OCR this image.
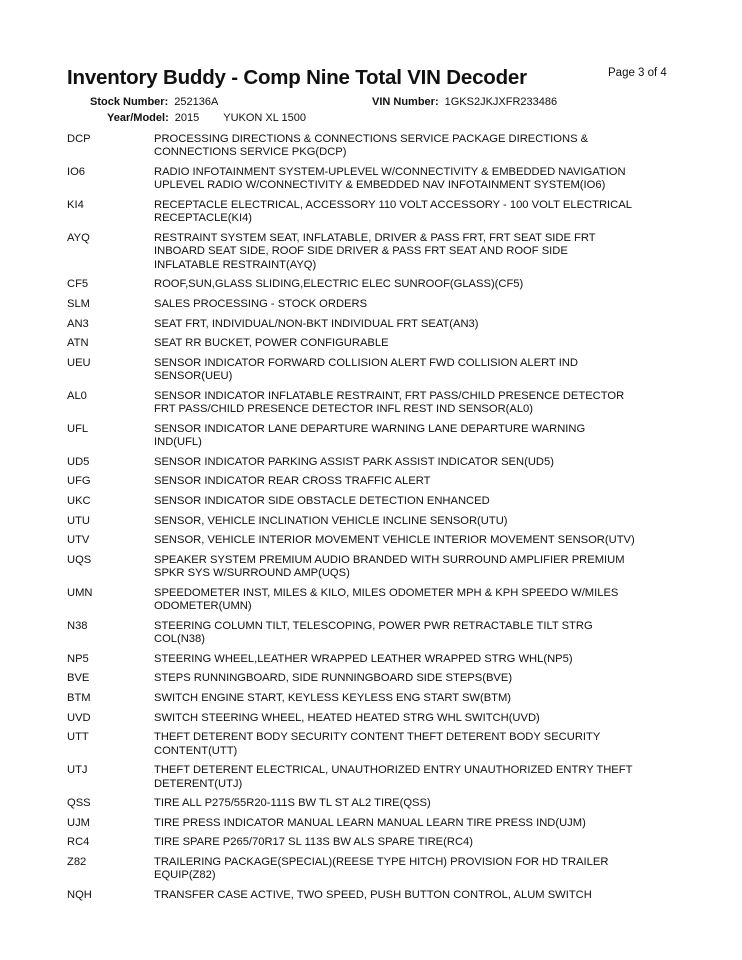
Inventory Buddy - Comp Nine Total VIN Decoder	Page 3 of 4
Stock Number: 252136A	VIN Number: 1GKS2JKJXFR233486
Year/Model: 2015 YUKON XL 1500
DCP	PROCESSING DIRECTIONS & CONNECTIONS SERVICE PACKAGE DIRECTIONS &
CONNECTIONS SERVICE PKG(DCP)
IO6	RADIO INFOTAINMENT SYSTEM-UPLEVEL W/CONNECTIVITY & EMBEDDED NAVIGATION
UPLEVEL RADIO W/CONNECTIVITY & EMBEDDED NAV INFOTAINMENT SYSTEM(IO6)
KI4	RECEPTACLE ELECTRICAL, ACCESSORY 110 VOLT ACCESSORY - 100 VOLT ELECTRICAL
RECEPTACLE(KI4)
AYQ	RESTRAINT SYSTEM SEAT, INFLATABLE, DRIVER & PASS FRT, FRT SEAT SIDE FRT
INBOARD SEAT SIDE, ROOF SIDE DRIVER & PASS FRT SEAT AND ROOF SIDE
INFLATABLE RESTRAINT(AYQ)
CF5	ROOF,SUN,GLASS SLIDING,ELECTRIC ELEC SUNROOF(GLASS)(CF5)
SLM	SALES PROCESSING - STOCK ORDERS
AN3	SEAT FRT, INDIVIDUAL/NON-BKT INDIVIDUAL FRT SEAT(AN3)
ATN	SEAT RR BUCKET, POWER CONFIGURABLE
UEU	SENSOR INDICATOR FORWARD COLLISION ALERT FWD COLLISION ALERT IND
SENSOR(UEU)
AL0	SENSOR INDICATOR INFLATABLE RESTRAINT, FRT PASS/CHILD PRESENCE DETECTOR
FRT PASS/CHILD PRESENCE DETECTOR INFL REST IND SENSOR(AL0)
UFL	SENSOR INDICATOR LANE DEPARTURE WARNING LANE DEPARTURE WARNING
IND(UFL)
UD5	SENSOR INDICATOR PARKING ASSIST PARK ASSIST INDICATOR SEN(UD5)
UFG	SENSOR INDICATOR REAR CROSS TRAFFIC ALERT
UKC	SENSOR INDICATOR SIDE OBSTACLE DETECTION ENHANCED
UTU	SENSOR, VEHICLE INCLINATION VEHICLE INCLINE SENSOR(UTU)
UTV	SENSOR, VEHICLE INTERIOR MOVEMENT VEHICLE INTERIOR MOVEMENT SENSOR(UTV)
UQS	SPEAKER SYSTEM PREMIUM AUDIO BRANDED WITH SURROUND AMPLIFIER PREMIUM
SPKR SYS W/SURROUND AMP(UQS)
UMN	SPEEDOMETER INST, MILES & KILO, MILES ODOMETER MPH & KPH SPEEDO W/MILES
ODOMETER(UMN)
N38	STEERING COLUMN TILT, TELESCOPING, POWER PWR RETRACTABLE TILT STRG
COL(N38)
NP5	STEERING WHEEL,LEATHER WRAPPED LEATHER WRAPPED STRG WHL(NP5)
BVE	STEPS RUNNINGBOARD, SIDE RUNNINGBOARD SIDE STEPS(BVE)
BTM	SWITCH ENGINE START, KEYLESS KEYLESS ENG START SW(BTM)
UVD	SWITCH STEERING WHEEL, HEATED HEATED STRG WHL SWITCH(UVD)
UTT	THEFT DETERENT BODY SECURITY CONTENT THEFT DETERENT BODY SECURITY
CONTENT(UTT)
UTJ	THEFT DETERENT ELECTRICAL, UNAUTHORIZED ENTRY UNAUTHORIZED ENTRY THEFT
DETERENT(UTJ)
QSS	TIRE ALL P275/55R20-111S BW TL ST AL2 TIRE(QSS)
UJM	TIRE PRESS INDICATOR MANUAL LEARN MANUAL LEARN TIRE PRESS IND(UJM)
RC4	TIRE SPARE P265/70R17 SL 113S BW ALS SPARE TIRE(RC4)
Z82	TRAILERING PACKAGE(SPECIAL)(REESE TYPE HITCH) PROVISION FOR HD TRAILER
EQUIP(Z82)
NQH	TRANSFER CASE ACTIVE, TWO SPEED, PUSH BUTTON CONTROL, ALUM SWITCH
